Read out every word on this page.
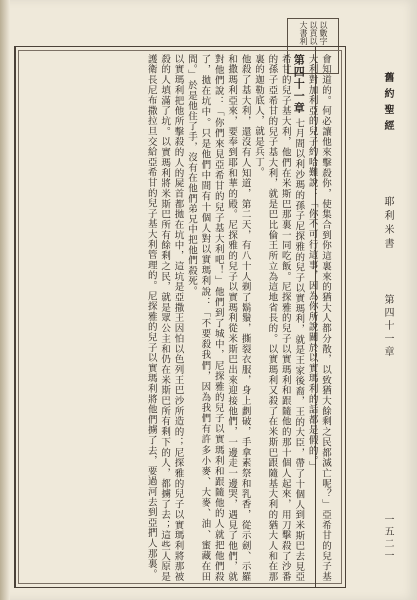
以數字
以貢以
大書利
舊約聖經
耶利米書
第四十一章
一五二一

會知道的。何必讓他來擊殺你，使集合到你這裏來的猶大人都分散，以致猶大餘剩之民都滅亡呢？」亞希甘的兒子基大利對加利亞的兒子約哈難說：「你不可行這事，因為你所說關於以實瑪利的話都是假的。」

第四十一章 七月間以利沙瑪的孫子尼探雅的兒子以實瑪利，就是王家後裔，王的大臣，帶了十個人到米斯巴去見亞希甘的兒子基大利，他們在米斯巴那裏一同吃飯。尼探雅的兒子以實瑪利和跟隨他的那十個人起來，用刀擊殺了沙番的孫子亞希甘的兒子基大利，就是巴比倫王所立為這地省長的。以實瑪利又殺了在米斯巴跟隨基大利的猶大人和在那裏的迦勒底人，就是兵丁。

他殺了基大利，還沒有人知道，第二天，有八十人剃了鬍鬚，撕裂衣服，身上劃破，手拿素祭和乳香，從示劍、示羅和撒瑪利亞來，要奉到耶和華的殿。尼探雅的兒子以實瑪利從米斯巴出來迎接他們，一邊走一邊哭，遇見了他們，就對他們說：「你們來見亞希甘的兒子基大利吧！」他們到了城中，尼探雅的兒子以實瑪利和跟隨他的人就把他們殺了，拋在坑中。只是他們中間有十個人對以實瑪利說：「不要殺我們，因為我們有許多小麥、大麥、油、蜜藏在田間。」於是他住了手，沒有在他們弟兄中把他們殺死。

以實瑪利把他所擊殺的人的屍首都拋在坑中，這坑是亞撒王因怕以色列王巴沙所造的；尼探雅的兒子以實瑪利將那被殺的人填滿了坑。以實瑪利將米斯巴所有餘剩之民，就是眾公主和仍在米斯巴所有剩下的人，都擄了去；這些人原是護衛長尼布撒拉旦交給亞希甘的兒子基大利管理的。尼探雅的兒子以實瑪利將他們擄了去，要過河去到亞捫人那裏。
